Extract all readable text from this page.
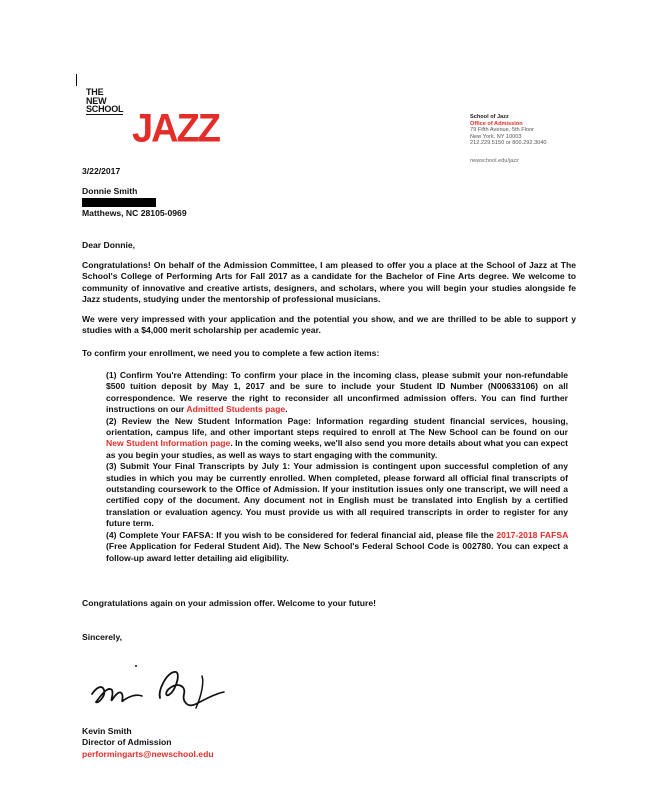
THE
NEW
SCHOOL JAZZ	School of Jazz
Office of Admission
79 Fifth Avenue, 5th Floor
New York, NY 10003
212.229.5150 or 800.292.3040
newschool.edu/jazz
3/22/2017
Donnie Smith
Matthews, NC 28105-0969
Dear Donnie,
Congratulations! On behalf of the Admission Committee, I am pleased to offer you a place at the School of Jazz at The School's College of Performing Arts for Fall 2017 as a candidate for the Bachelor of Fine Arts degree. We welcome to community of innovative and creative artists, designers, and scholars, where you will begin your studies alongside fe Jazz students, studying under the mentorship of professional musicians.
We were very impressed with your application and the potential you show, and we are thrilled to be able to support y studies with a $4,000 merit scholarship per academic year.
To confirm your enrollment, we need you to complete a few action items:

(1) Confirm You're Attending: To confirm your place in the incoming class, please submit your non-refundable $500 tuition deposit by May 1, 2017 and be sure to include your Student ID Number (N00633106) on all correspondence. We reserve the right to reconsider all unconfirmed admission offers. You can find further instructions on our Admitted Students page.

(2) Review the New Student Information Page: Information regarding student financial services, housing, orientation, campus life, and other important steps required to enroll at The New School can be found on our New Student Information page. In the coming weeks, we'll also send you more details about what you can expect as you begin your studies, as well as ways to start engaging with the community.

(3) Submit Your Final Transcripts by July 1: Your admission is contingent upon successful completion of any studies in which you may be currently enrolled. When completed, please forward all official final transcripts of outstanding coursework to the Office of Admission. If your institution issues only one transcript, we will need a certified copy of the document. Any document not in English must be translated into English by a certified translation or evaluation agency. You must provide us with all required transcripts in order to register for any future term.

(4) Complete Your FAFSA: If you wish to be considered for federal financial aid, please file the 2017-2018 FAFSA (Free Application for Federal Student Aid). The New School's Federal School Code is 002780. You can expect a follow-up award letter detailing aid eligibility.

Congratulations again on your admission offer. Welcome to your future!
Sincerely,
Kevin Smith
Director of Admission
performingarts@newschool.edu
